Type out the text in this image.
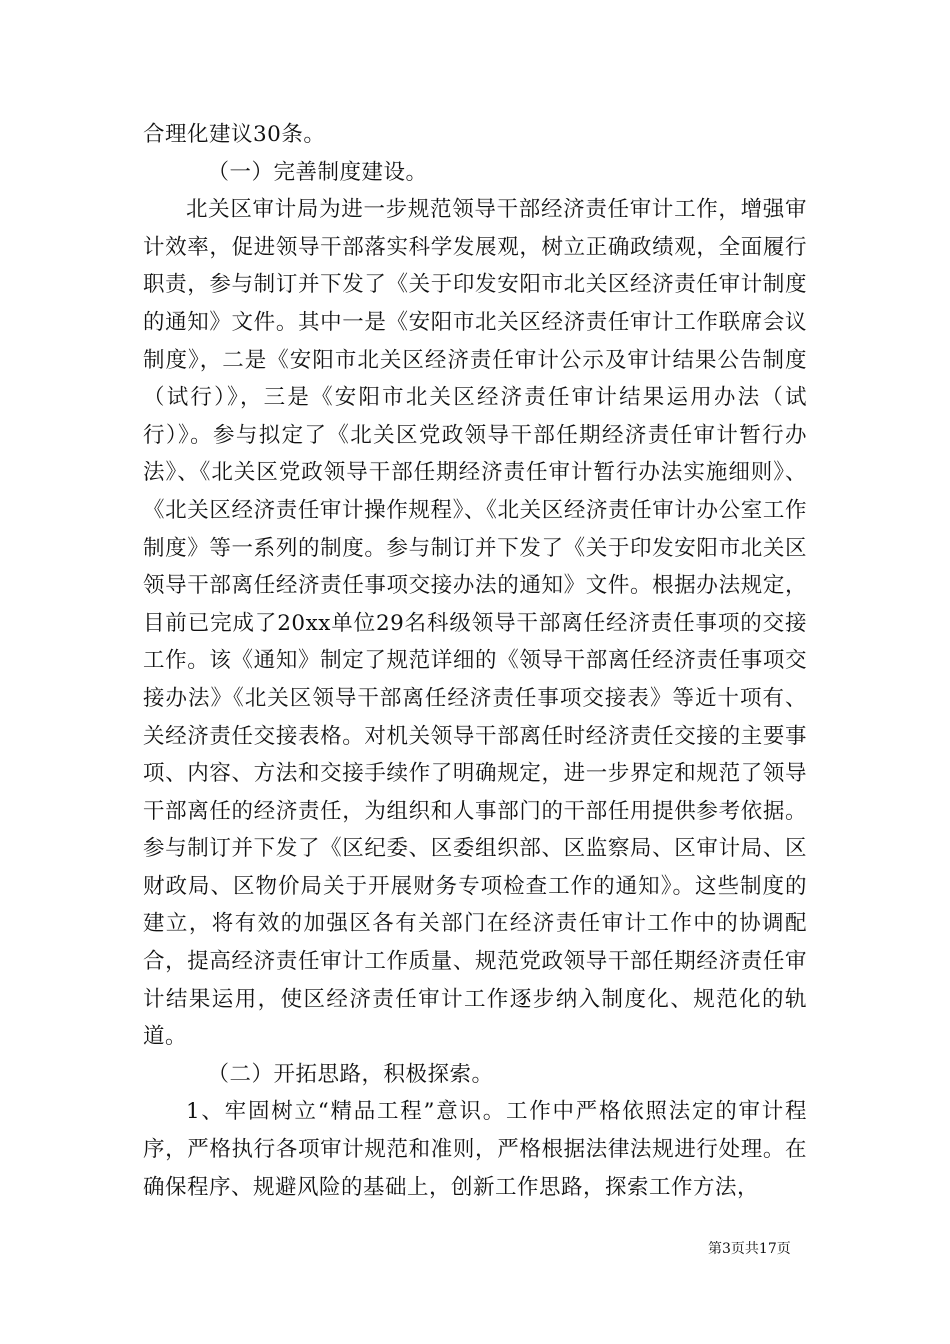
合理化建议30条。

（一）完善制度建设。

北关区审计局为进一步规范领导干部经济责任审计工作，增强审计效率，促进领导干部落实科学发展观，树立正确政绩观，全面履行职责，参与制订并下发了《关于印发安阳市北关区经济责任审计制度的通知》文件。其中一是《安阳市北关区经济责任审计工作联席会议制度》，二是《安阳市北关区经济责任审计公示及审计结果公告制度（试行）》，三是《安阳市北关区经济责任审计结果运用办法（试行）》。参与拟定了《北关区党政领导干部任期经济责任审计暂行办法》、《北关区党政领导干部任期经济责任审计暂行办法实施细则》、《北关区经济责任审计操作规程》、《北关区经济责任审计办公室工作制度》等一系列的制度。参与制订并下发了《关于印发安阳市北关区领导干部离任经济责任事项交接办法的通知》文件。根据办法规定，目前已完成了20xx单位29名科级领导干部离任经济责任事项的交接工作。该《通知》制定了规范详细的《领导干部离任经济责任事项交接办法》《北关区领导干部离任经济责任事项交接表》等近十项有、关经济责任交接表格。对机关领导干部离任时经济责任交接的主要事项、内容、方法和交接手续作了明确规定，进一步界定和规范了领导干部离任的经济责任，为组织和人事部门的干部任用提供参考依据。参与制订并下发了《区纪委、区委组织部、区监察局、区审计局、区财政局、区物价局关于开展财务专项检查工作的通知》。这些制度的建立，将有效的加强区各有关部门在经济责任审计工作中的协调配合，提高经济责任审计工作质量、规范党政领导干部任期经济责任审计结果运用，使区经济责任审计工作逐步纳入制度化、规范化的轨道。

（二）开拓思路，积极探索。

1、牢固树立“精品工程”意识。工作中严格依照法定的审计程序，严格执行各项审计规范和准则，严格根据法律法规进行处理。在确保程序、规避风险的基础上，创新工作思路，探索工作方法，

第3页共17页
